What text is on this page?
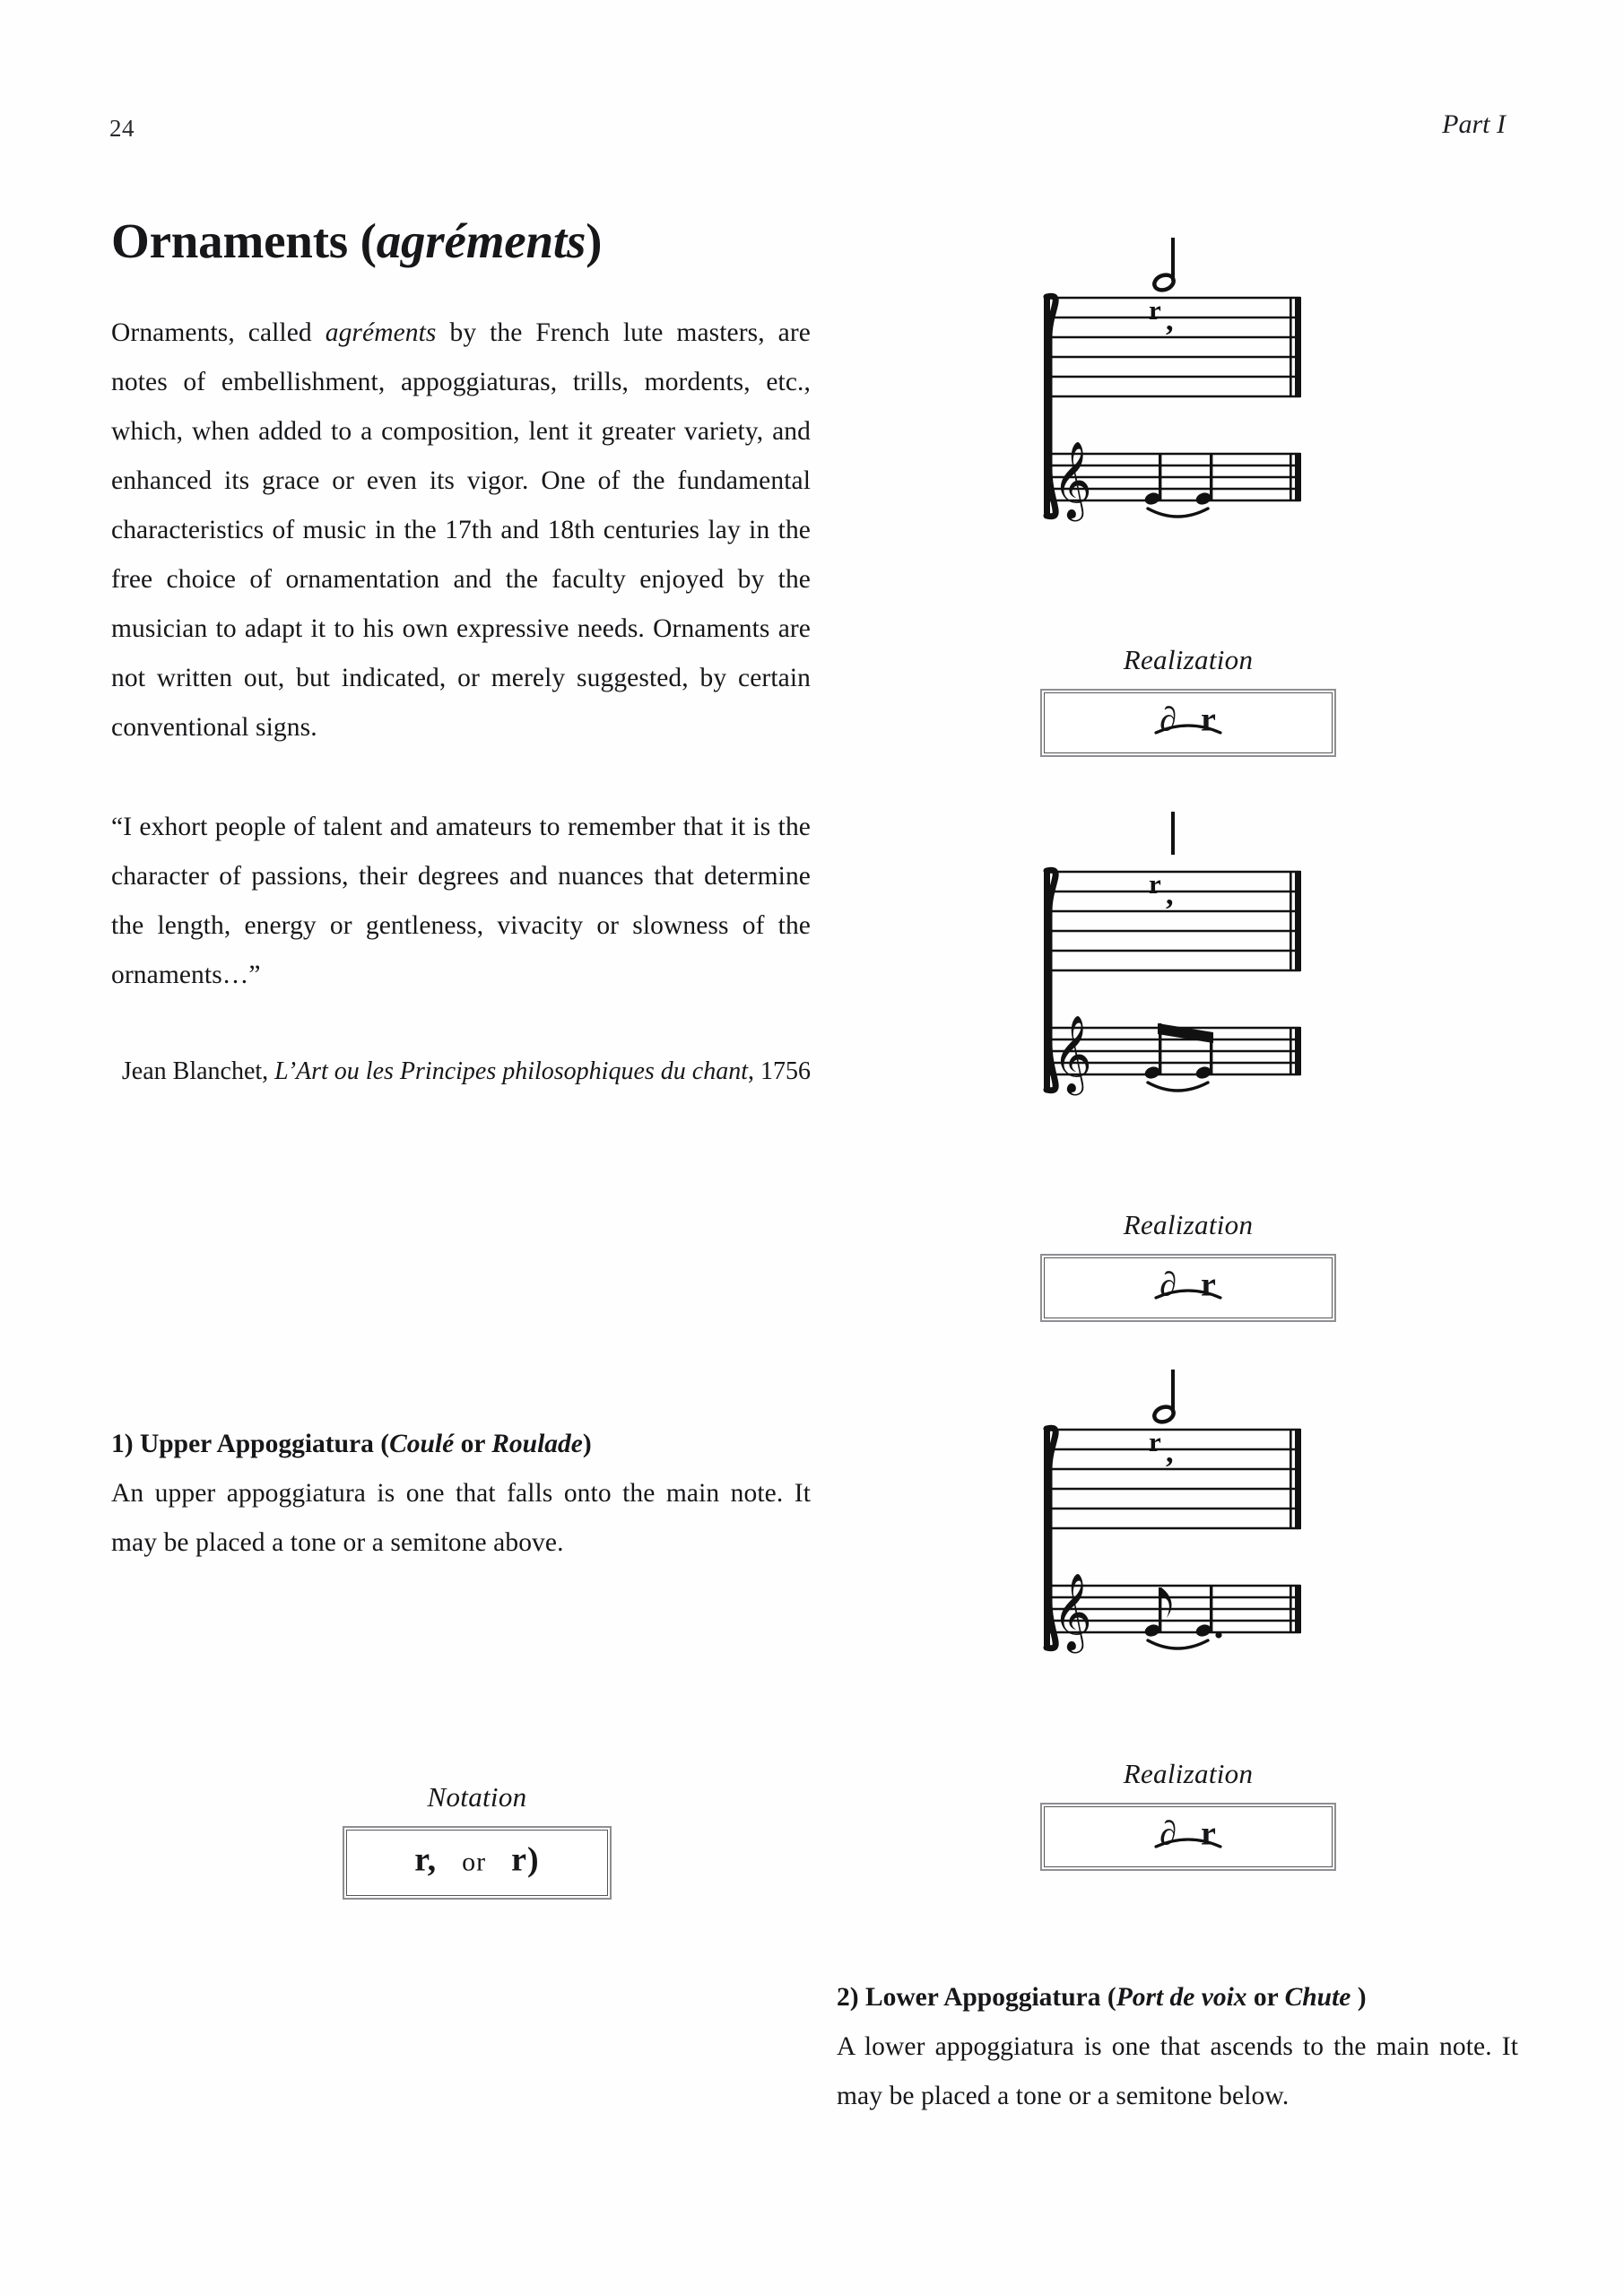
24	Part I
Ornaments (agréments)

Ornaments, called agréments by the French lute masters, are notes of embellishment, appoggiaturas, trills, mordents, etc., which, when added to a composition, lent it greater variety, and enhanced its grace or even its vigor. One of the fundamental characteristics of music in the 17th and 18th centuries lay in the free choice of ornamentation and the faculty enjoyed by the musician to adapt it to his own expressive needs. Ornaments are not written out, but indicated, or merely suggested, by certain conventional signs.

“I exhort people of talent and amateurs to remember that it is the character of passions, their degrees and nuances that determine the length, energy or gentleness, vivacity or slowness of the ornaments…”

Jean Blanchet, L’Art ou les Principes philosophiques du chant, 1756
1) Upper Appoggiatura (Coulé or Roulade)

An upper appoggiatura is one that falls onto the main note. It may be placed a tone or a semitone above.

Notation
r, or r)
r ,
𝄞
Realization
∂ r
r ,
𝄞
Realization
∂ r
r ,
𝄞
Realization
∂ r
2) Lower Appoggiatura (Port de voix or Chute )

A lower appoggiatura is one that ascends to the main note. It may be placed a tone or a semitone below.
